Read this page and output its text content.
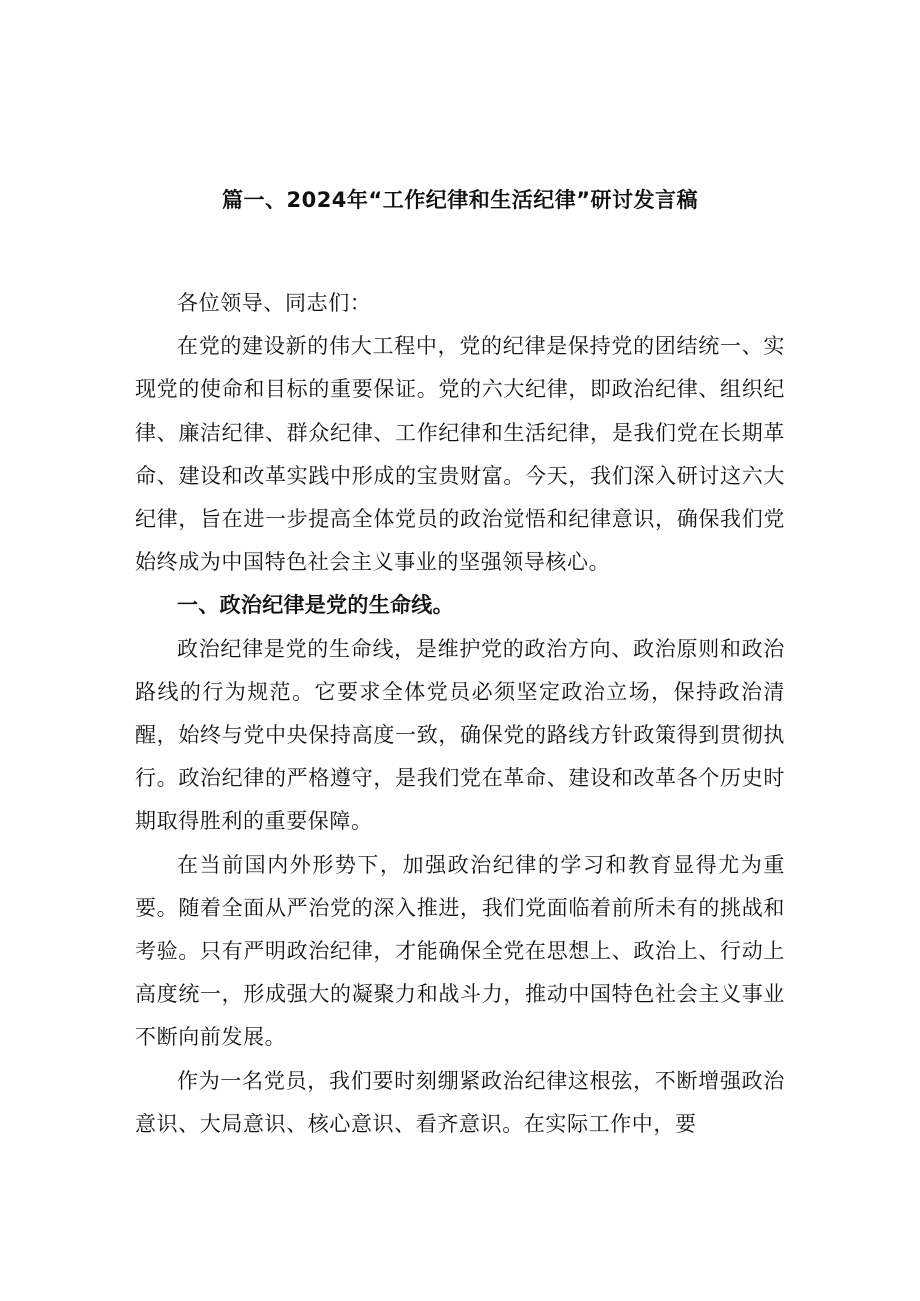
篇一、2024年“工作纪律和生活纪律”研讨发言稿

各位领导、同志们：

在党的建设新的伟大工程中，党的纪律是保持党的团结统一、实现党的使命和目标的重要保证。党的六大纪律，即政治纪律、组织纪律、廉洁纪律、群众纪律、工作纪律和生活纪律，是我们党在长期革命、建设和改革实践中形成的宝贵财富。今天，我们深入研讨这六大纪律，旨在进一步提高全体党员的政治觉悟和纪律意识，确保我们党始终成为中国特色社会主义事业的坚强领导核心。

一、政治纪律是党的生命线。

政治纪律是党的生命线，是维护党的政治方向、政治原则和政治路线的行为规范。它要求全体党员必须坚定政治立场，保持政治清醒，始终与党中央保持高度一致，确保党的路线方针政策得到贯彻执行。政治纪律的严格遵守，是我们党在革命、建设和改革各个历史时期取得胜利的重要保障。

在当前国内外形势下，加强政治纪律的学习和教育显得尤为重要。随着全面从严治党的深入推进，我们党面临着前所未有的挑战和考验。只有严明政治纪律，才能确保全党在思想上、政治上、行动上高度统一，形成强大的凝聚力和战斗力，推动中国特色社会主义事业不断向前发展。

作为一名党员，我们要时刻绷紧政治纪律这根弦，不断增强政治意识、大局意识、核心意识、看齐意识。在实际工作中，要
